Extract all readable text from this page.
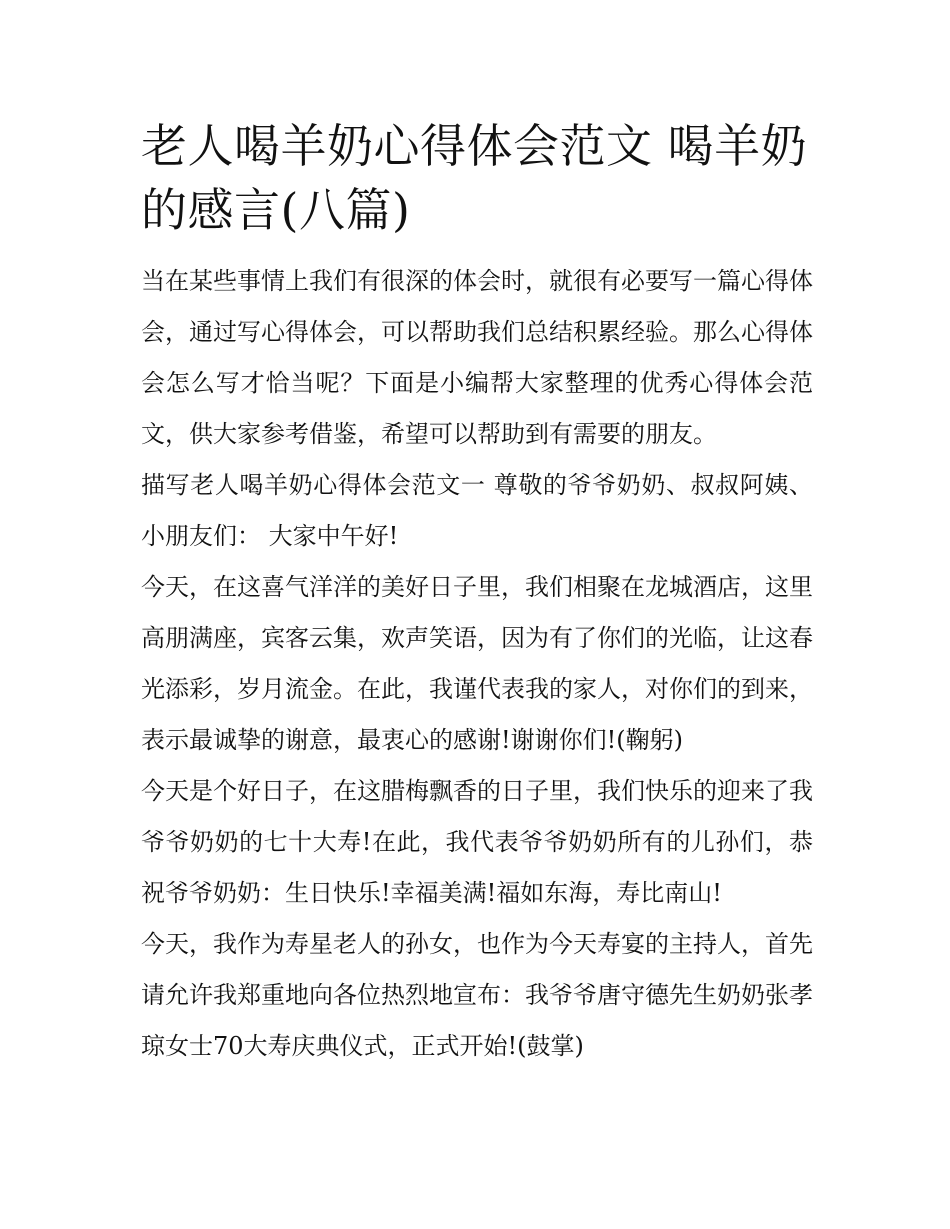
老人喝羊奶心得体会范文 喝羊奶的感言(八篇)

当在某些事情上我们有很深的体会时，就很有必要写一篇心得体会，通过写心得体会，可以帮助我们总结积累经验。那么心得体会怎么写才恰当呢？下面是小编帮大家整理的优秀心得体会范文，供大家参考借鉴，希望可以帮助到有需要的朋友。

描写老人喝羊奶心得体会范文一 尊敬的爷爷奶奶、叔叔阿姨、小朋友们： 大家中午好!

今天，在这喜气洋洋的美好日子里，我们相聚在龙城酒店，这里高朋满座，宾客云集，欢声笑语，因为有了你们的光临，让这春光添彩，岁月流金。在此，我谨代表我的家人，对你们的到来，表示最诚挚的谢意，最衷心的感谢!谢谢你们!(鞠躬)

今天是个好日子，在这腊梅飘香的日子里，我们快乐的迎来了我爷爷奶奶的七十大寿!在此，我代表爷爷奶奶所有的儿孙们，恭祝爷爷奶奶：生日快乐!幸福美满!福如东海，寿比南山!

今天，我作为寿星老人的孙女，也作为今天寿宴的主持人，首先请允许我郑重地向各位热烈地宣布：我爷爷唐守德先生奶奶张孝琼女士70大寿庆典仪式，正式开始!(鼓掌)
